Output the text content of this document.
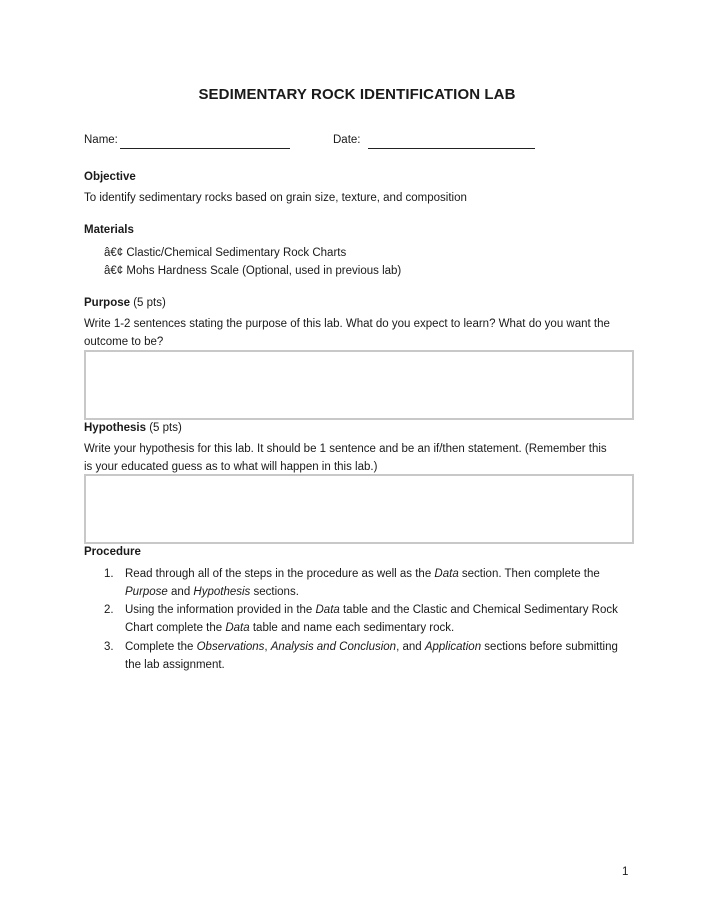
SEDIMENTARY ROCK IDENTIFICATION LAB
Name:	Date:
Objective
To identify sedimentary rocks based on grain size, texture, and composition
Materials
â€¢ Clastic/Chemical Sedimentary Rock Charts
â€¢ Mohs Hardness Scale (Optional, used in previous lab)
Purpose (5 pts)
Write 1-2 sentences stating the purpose of this lab. What do you expect to learn? What do you want the
outcome to be?
Hypothesis (5 pts)
Write your hypothesis for this lab. It should be 1 sentence and be an if/then statement. (Remember this
is your educated guess as to what will happen in this lab.)
Procedure
1. Read through all of the steps in the procedure as well as the Data section. Then complete the
Purpose and Hypothesis sections.
2. Using the information provided in the Data table and the Clastic and Chemical Sedimentary Rock
Chart complete the Data table and name each sedimentary rock.
3. Complete the Observations, Analysis and Conclusion, and Application sections before submitting
the lab assignment.
1
